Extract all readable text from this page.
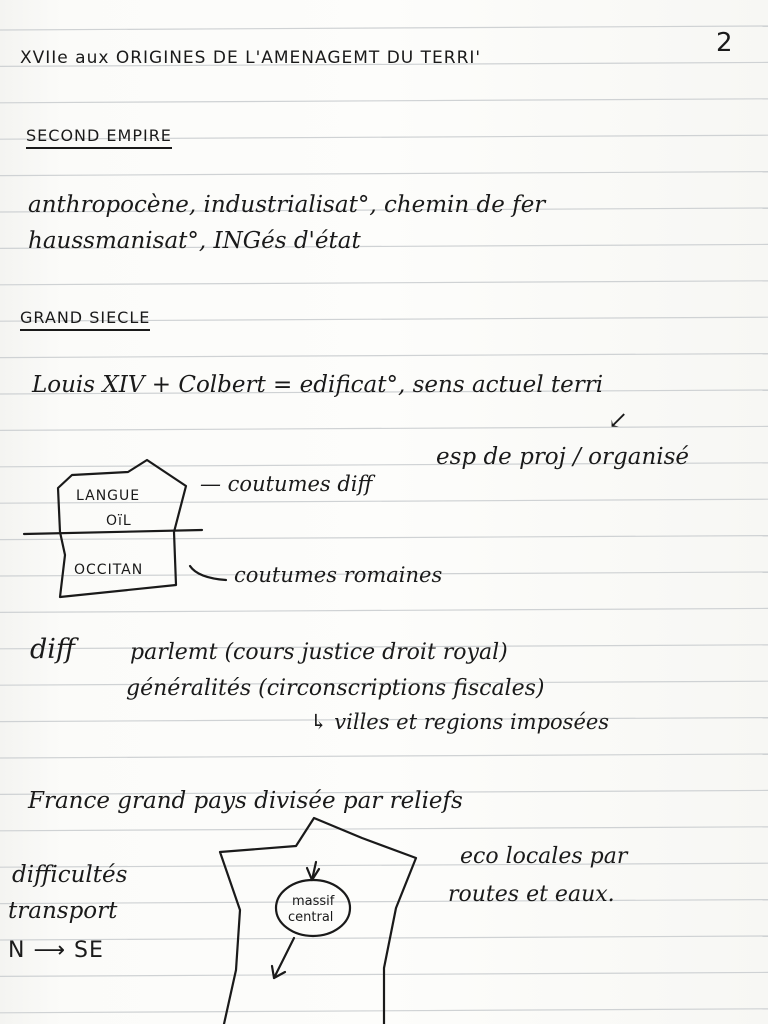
XVIIe aux ORIGINES DE L'AMENAGEMT DU TERRI'	2

SECOND EMPIRE

anthropocène, industrialisat°, chemin de fer

haussmanisat°, INGés d'état

GRAND SIECLE

Louis XIV + Colbert = edificat°, sens actuel terri

↙

esp de proj / organisé

LANGUE
OïL
OCCITAN

— coutumes diff

coutumes romaines

diff parlemt (cours justice droit royal)

généralités (circonscriptions fiscales)

↳ villes et regions imposées

France grand pays divisée par reliefs

difficultés

transport

N ⟶ SE

eco locales par

routes et eaux.

massif
central
